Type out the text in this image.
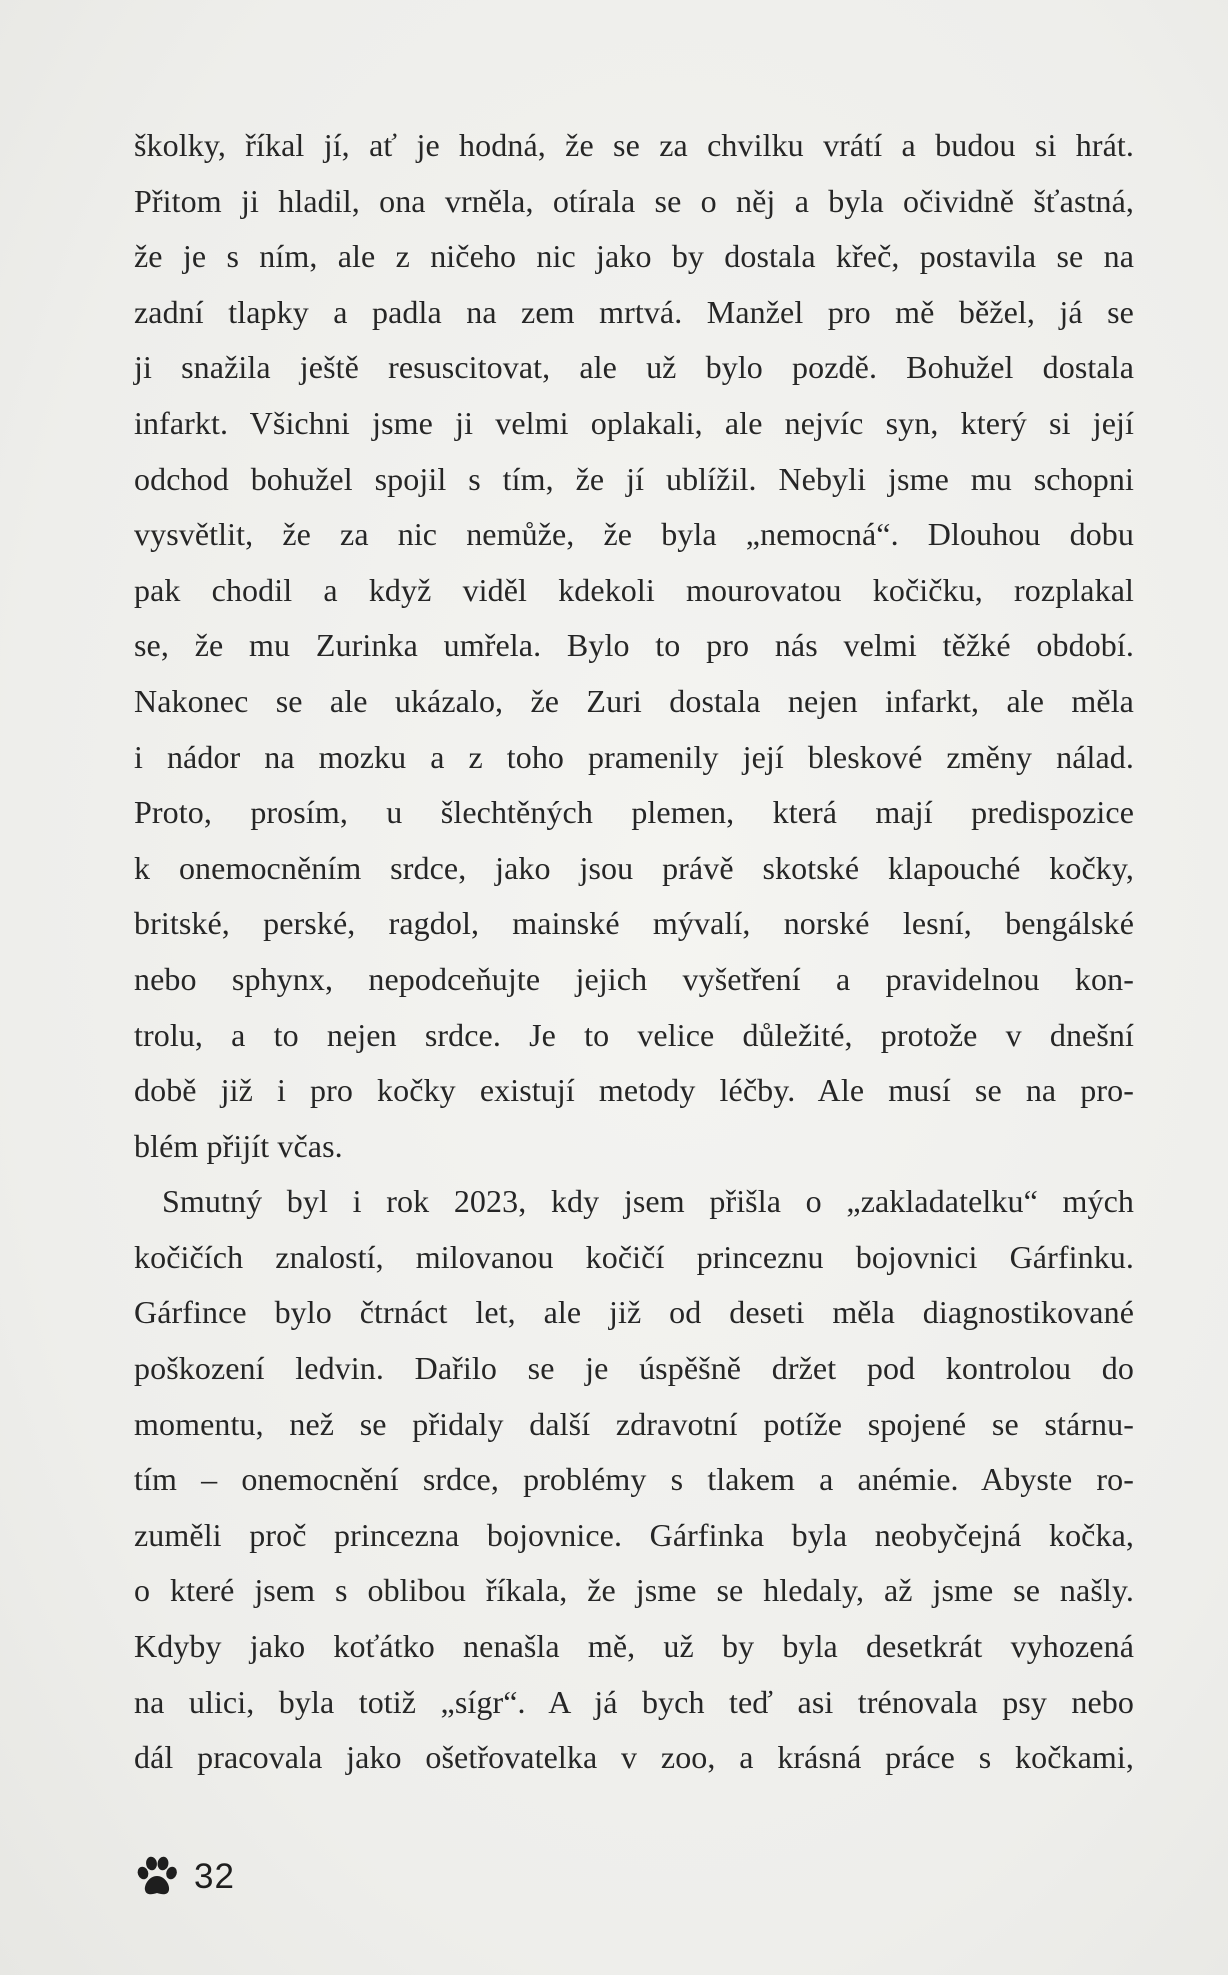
školky, říkal jí, ať je hodná, že se za chvilku vrátí a budou si hrát.
Přitom ji hladil, ona vrněla, otírala se o něj a byla očividně šťastná,
že je s ním, ale z ničeho nic jako by dostala křeč, postavila se na
zadní tlapky a padla na zem mrtvá. Manžel pro mě běžel, já se
ji snažila ještě resuscitovat, ale už bylo pozdě. Bohužel dostala
infarkt. Všichni jsme ji velmi oplakali, ale nejvíc syn, který si její
odchod bohužel spojil s tím, že jí ublížil. Nebyli jsme mu schopni
vysvětlit, že za nic nemůže, že byla „nemocná“. Dlouhou dobu
pak chodil a když viděl kdekoli mourovatou kočičku, rozplakal
se, že mu Zurinka umřela. Bylo to pro nás velmi těžké období.
Nakonec se ale ukázalo, že Zuri dostala nejen infarkt, ale měla
i nádor na mozku a z toho pramenily její bleskové změny nálad.
Proto, prosím, u šlechtěných plemen, která mají predispozice
k onemocněním srdce, jako jsou právě skotské klapouché kočky,
britské, perské, ragdol, mainské mývalí, norské lesní, bengálské
nebo sphynx, nepodceňujte jejich vyšetření a pravidelnou kon-
trolu, a to nejen srdce. Je to velice důležité, protože v dnešní
době již i pro kočky existují metody léčby. Ale musí se na pro-
blém přijít včas.
Smutný byl i rok 2023, kdy jsem přišla o „zakladatelku“ mých
kočičích znalostí, milovanou kočičí princeznu bojovnici Gárfinku.
Gárfince bylo čtrnáct let, ale již od deseti měla diagnostikované
poškození ledvin. Dařilo se je úspěšně držet pod kontrolou do
momentu, než se přidaly další zdravotní potíže spojené se stárnu-
tím – onemocnění srdce, problémy s tlakem a anémie. Abyste ro-
zuměli proč princezna bojovnice. Gárfinka byla neobyčejná kočka,
o které jsem s oblibou říkala, že jsme se hledaly, až jsme se našly.
Kdyby jako koťátko nenašla mě, už by byla desetkrát vyhozená
na ulici, byla totiž „sígr“. A já bych teď asi trénovala psy nebo
dál pracovala jako ošetřovatelka v zoo, a krásná práce s kočkami,
32
